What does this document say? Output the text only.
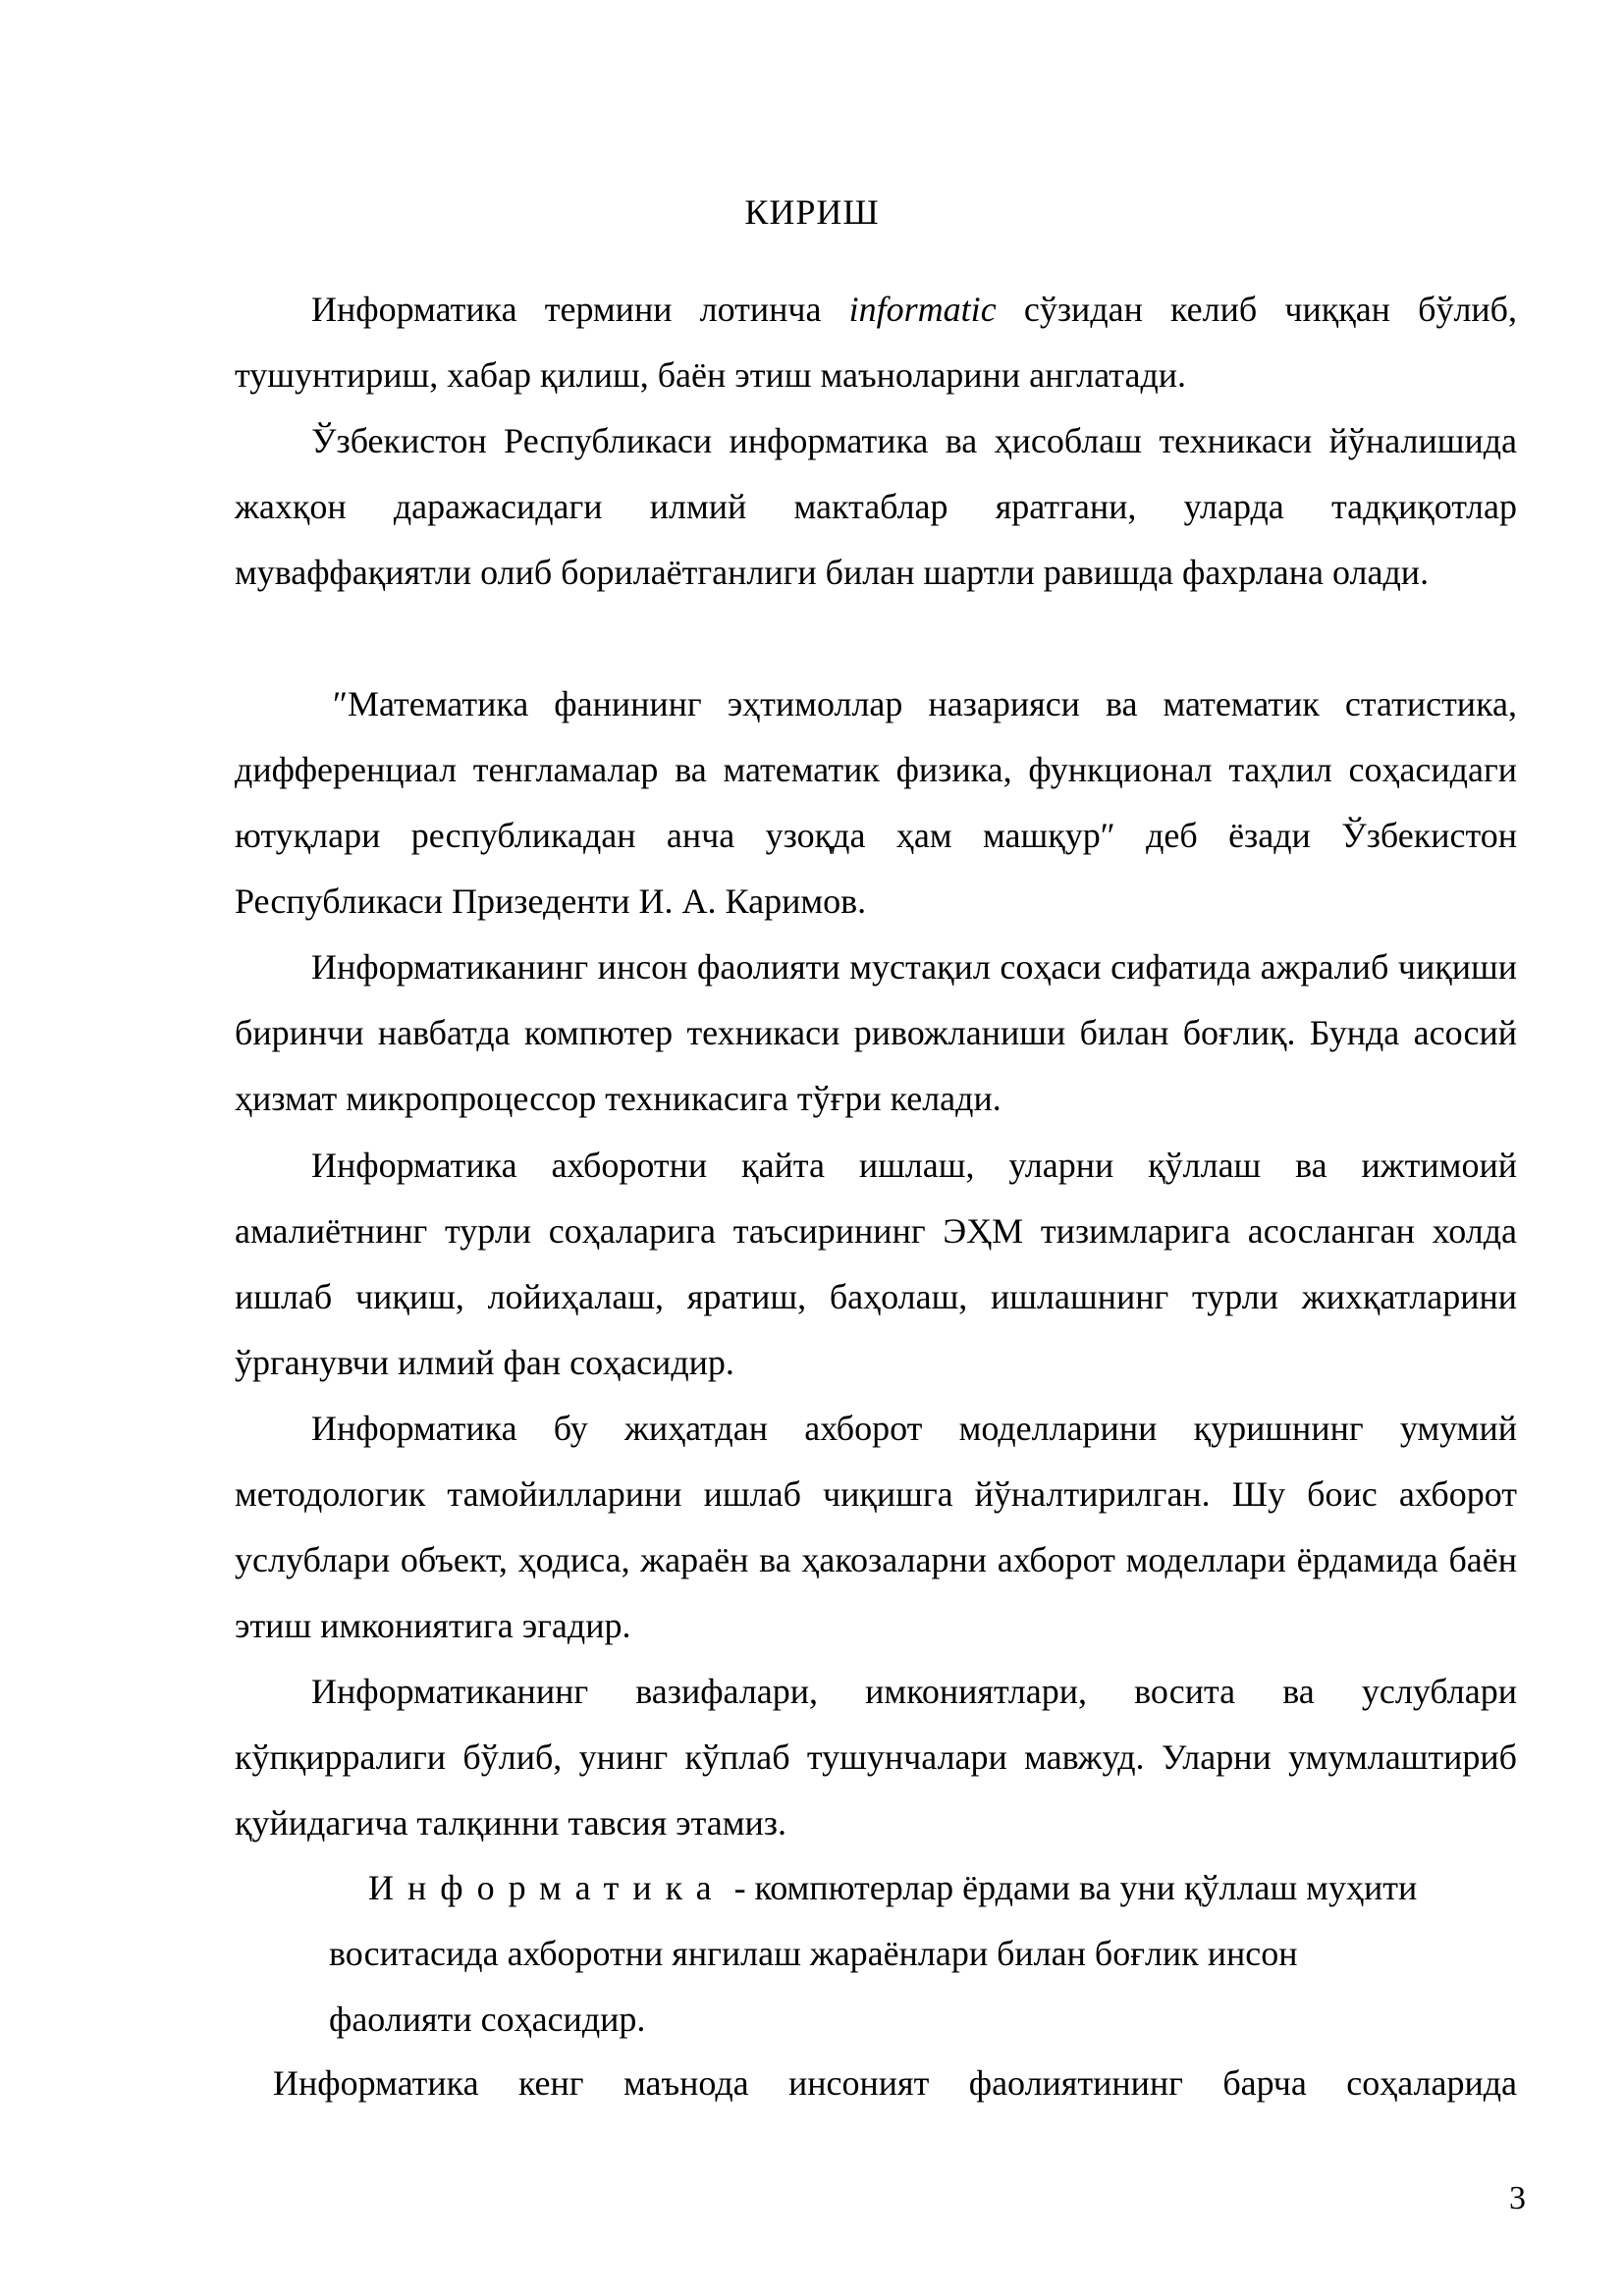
КИРИШ

Информатика термини лотинча informatic сўзидан келиб чиққан бўлиб, тушунтириш, хабар қилиш, баён этиш маъноларини англатади.

Ўзбекистон Республикаси информатика ва ҳисоблаш техникаси йўналишида жахқон даражасидаги илмий мактаблар яратгани, уларда тадқиқотлар муваффақиятли олиб борилаётганлиги билан шартли равишда фахрлана олади.

″Математика фанининг эҳтимоллар назарияси ва математик статистика, дифференциал тенгламалар ва математик физика, функционал таҳлил соҳасидаги ютуқлари республикадан анча узоқда ҳам машқур″ деб ёзади Ўзбекистон Республикаси Призеденти И. А. Каримов.

Информатиканинг инсон фаолияти мустақил соҳаси сифатида ажралиб чиқиши биринчи навбатда компютер техникаси ривожланиши билан боғлиқ. Бунда асосий ҳизмат микропроцессор техникасига тўғри келади.

Информатика ахборотни қайта ишлаш, уларни қўллаш ва ижтимоий амалиётнинг турли соҳаларига таъсирининг ЭҲМ тизимларига асосланган холда ишлаб чиқиш, лойиҳалаш, яратиш, баҳолаш, ишлашнинг турли жихқатларини ўрганувчи илмий фан соҳасидир.

Информатика бу жиҳатдан ахборот моделларини қуришнинг умумий методологик тамойилларини ишлаб чиқишга йўналтирилган. Шу боис ахборот услублари объект, ҳодиса, жараён ва ҳакозаларни ахборот моделлари ёрдамида баён этиш имкониятига эгадир.

Информатиканинг вазифалари, имкониятлари, восита ва услублари кўпқирралиги бўлиб, унинг кўплаб тушунчалари мавжуд. Уларни умумлаштириб қуйидагича талқинни тавсия этамиз.

Информатика - компютерлар ёрдами ва уни қўллаш муҳити воситасида ахборотни янгилаш жараёнлари билан боғлик инсон фаолияти соҳасидир.

Информатика кенг маънода инсоният фаолиятининг барча соҳаларида

3
